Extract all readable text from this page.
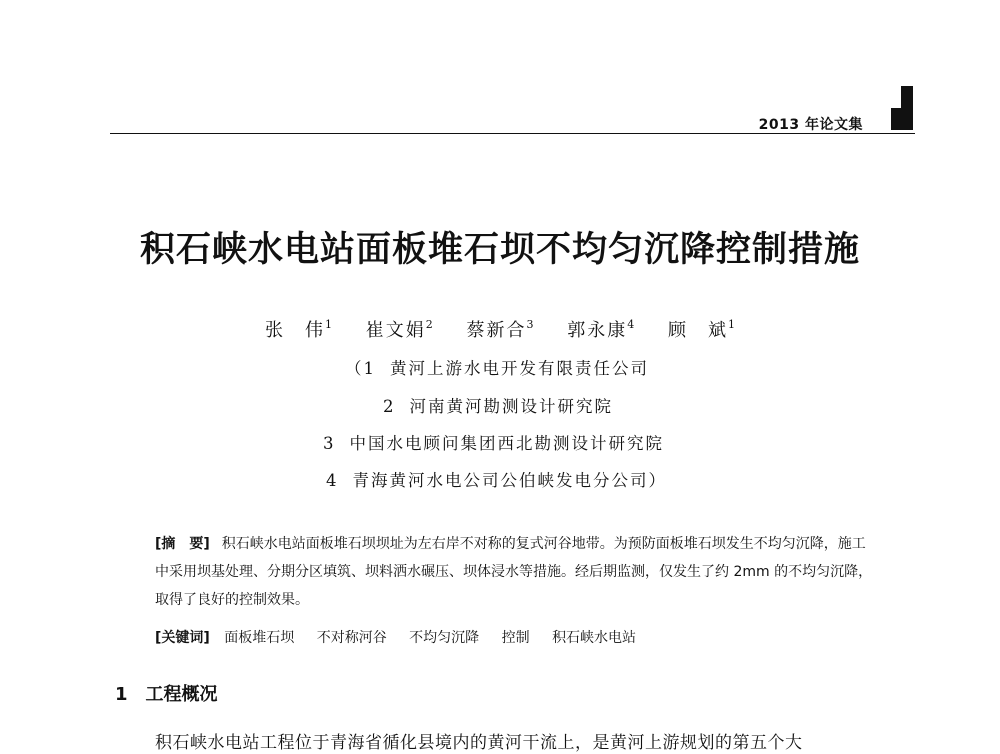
2013 年论文集
积石峡水电站面板堆石坝不均匀沉降控制措施
张　伟$^1$ 崔文娟$^2$ 蔡新合$^3$ 郭永康$^4$ 顾　斌$^1$
（1 黄河上游水电开发有限责任公司
2 河南黄河勘测设计研究院
3 中国水电顾问集团西北勘测设计研究院
4 青海黄河水电公司公伯峡发电分公司）
[摘　要] 积石峡水电站面板堆石坝坝址为左右岸不对称的复式河谷地带。为预防面板堆石坝发生不均匀沉降，施工中采用坝基处理、分期分区填筑、坝料洒水碾压、坝体浸水等措施。经后期监测，仅发生了约 2mm 的不均匀沉降，取得了良好的控制效果。
[关键词] 面板堆石坝 不对称河谷 不均匀沉降 控制 积石峡水电站
1 工程概况
积石峡水电站工程位于青海省循化县境内的黄河干流上，是黄河上游规划的第五个大
